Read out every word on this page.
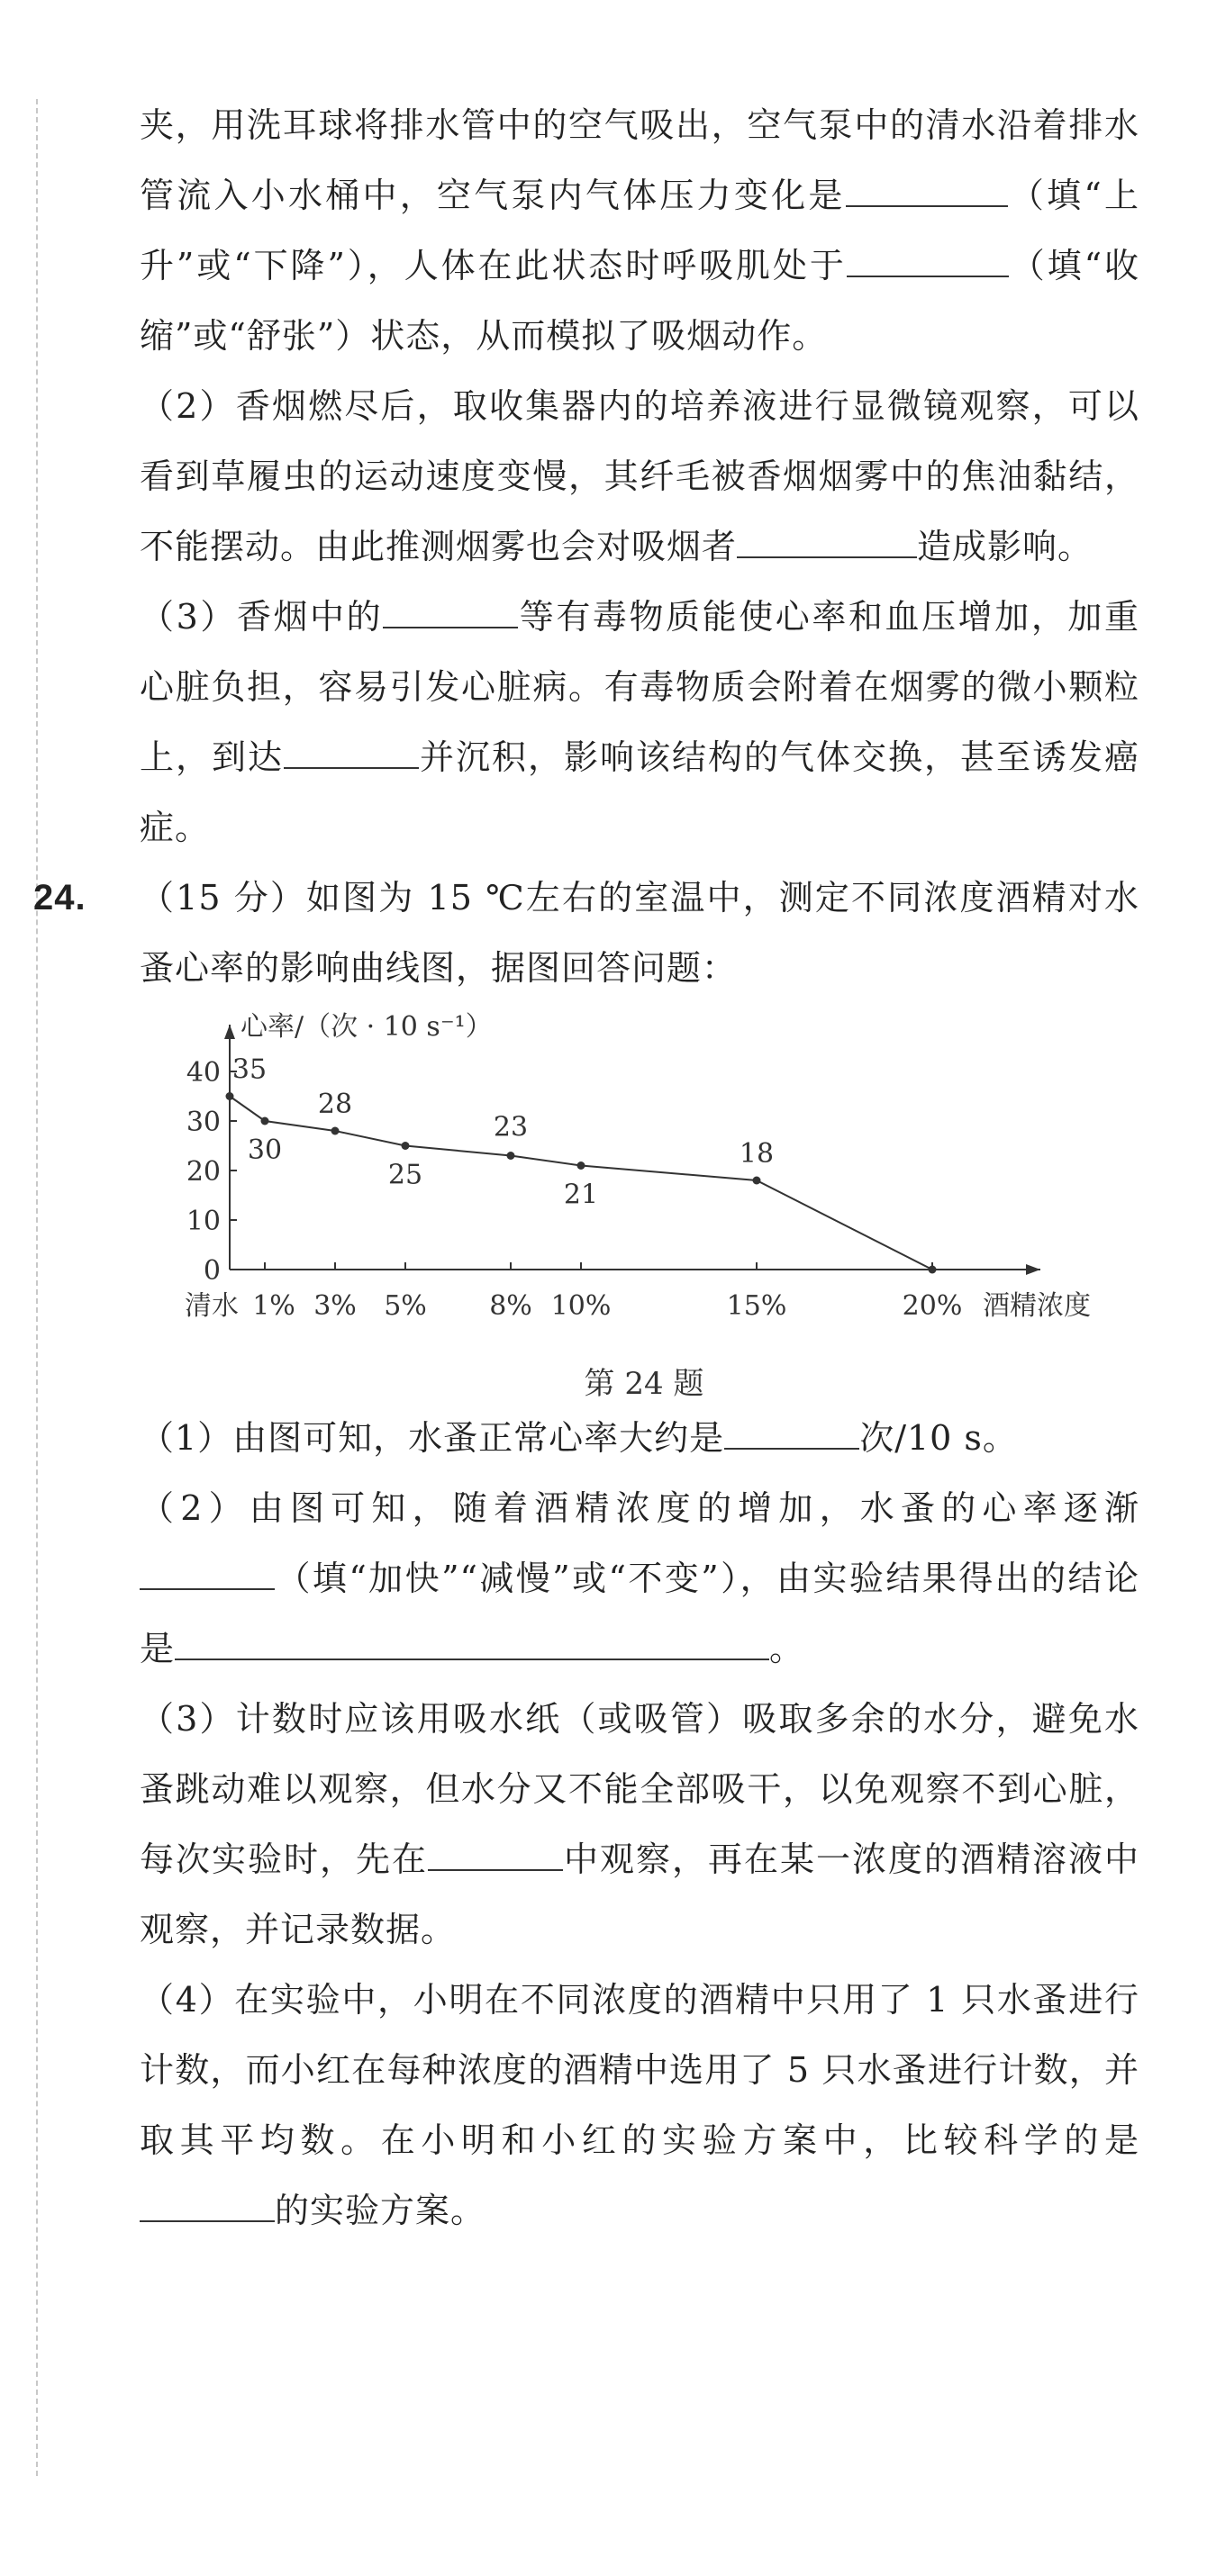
夹，用洗耳球将排水管中的空气吸出，空气泵中的清水沿着排水管流入小水桶中，空气泵内气体压力变化是	（填“上升”或“下降”），人体在此状态时呼吸肌处于	（填“收缩”或“舒张”）状态，从而模拟了吸烟动作。

（2）香烟燃尽后，取收集器内的培养液进行显微镜观察，可以看到草履虫的运动速度变慢，其纤毛被香烟烟雾中的焦油黏结，不能摆动。由此推测烟雾也会对吸烟者	造成影响。

（3）香烟中的	等有毒物质能使心率和血压增加，加重心脏负担，容易引发心脏病。有毒物质会附着在烟雾的微小颗粒上，到达	并沉积，影响该结构的气体交换，甚至诱发癌症。

24. （15 分）如图为 15 ℃左右的室温中，测定不同浓度酒精对水蚤心率的影响曲线图，据图回答问题：

心率/（次 · 10 s⁻¹）
0
10
20
30
40
清水 1% 3% 5% 8% 10%	15%	20% 酒精浓度
35
30
28
25
23
21
18
第 24 题

（1）由图可知，水蚤正常心率大约是	次/10 s。

（2）由图可知，随着酒精浓度的增加，水蚤的心率逐渐（填“加快”“减慢”或“不变”），由实验结果得出的结论是	。

（3）计数时应该用吸水纸（或吸管）吸取多余的水分，避免水蚤跳动难以观察，但水分又不能全部吸干，以免观察不到心脏，每次实验时，先在	中观察，再在某一浓度的酒精溶液中观察，并记录数据。

（4）在实验中，小明在不同浓度的酒精中只用了 1 只水蚤进行计数，而小红在每种浓度的酒精中选用了 5 只水蚤进行计数，并取其平均数。在小明和小红的实验方案中，比较科学的是的实验方案。
